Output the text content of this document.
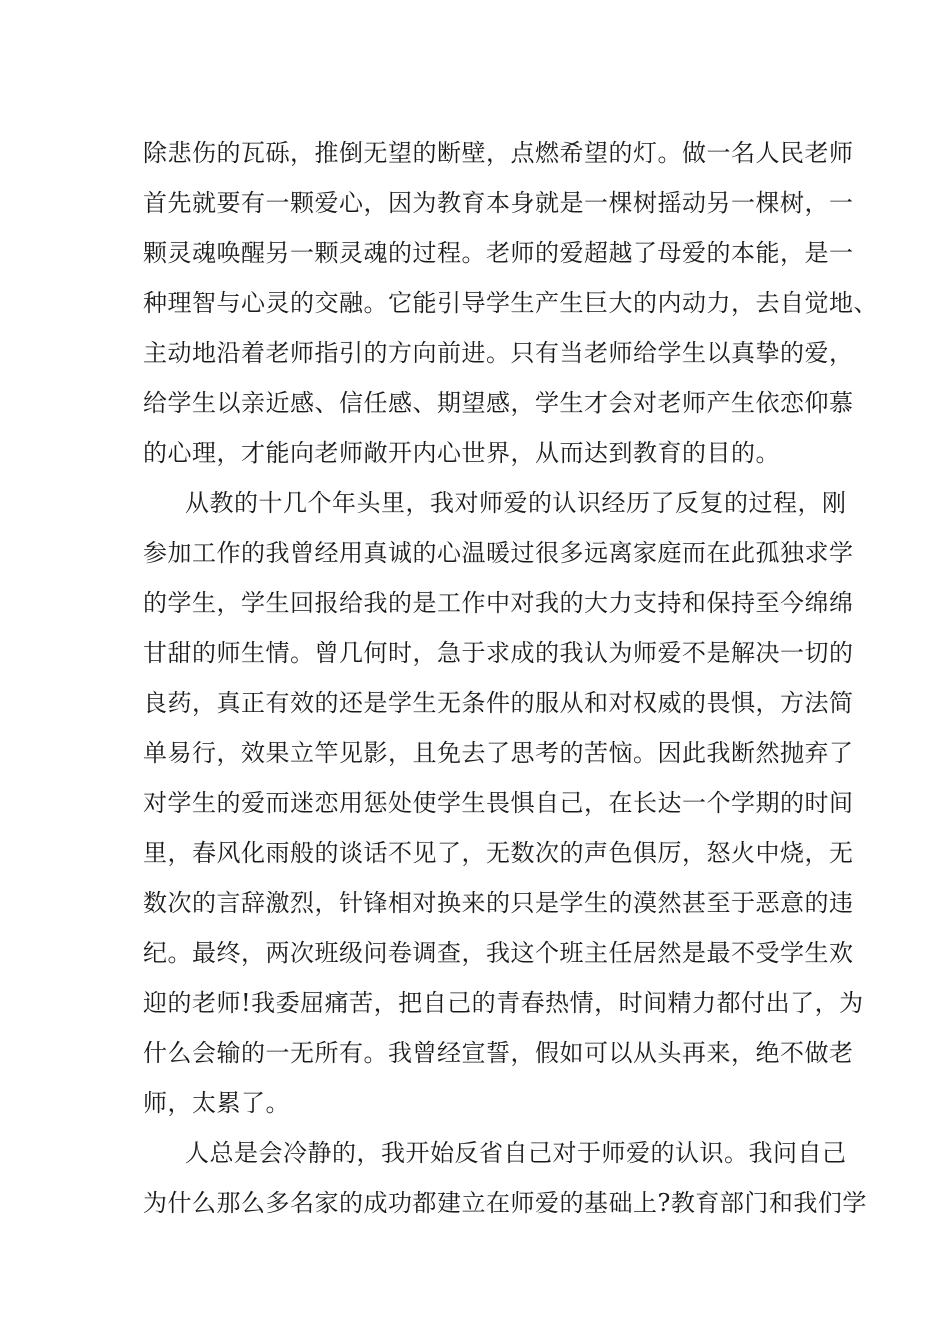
除悲伤的瓦砾，推倒无望的断壁，点燃希望的灯。做一名人民老师
首先就要有一颗爱心，因为教育本身就是一棵树摇动另一棵树，一
颗灵魂唤醒另一颗灵魂的过程。老师的爱超越了母爱的本能，是一
种理智与心灵的交融。它能引导学生产生巨大的内动力，去自觉地、
主动地沿着老师指引的方向前进。只有当老师给学生以真挚的爱，
给学生以亲近感、信任感、期望感，学生才会对老师产生依恋仰慕
的心理，才能向老师敞开内心世界，从而达到教育的目的。
从教的十几个年头里，我对师爱的认识经历了反复的过程，刚
参加工作的我曾经用真诚的心温暖过很多远离家庭而在此孤独求学
的学生，学生回报给我的是工作中对我的大力支持和保持至今绵绵
甘甜的师生情。曾几何时，急于求成的我认为师爱不是解决一切的
良药，真正有效的还是学生无条件的服从和对权威的畏惧，方法简
单易行，效果立竿见影，且免去了思考的苦恼。因此我断然抛弃了
对学生的爱而迷恋用惩处使学生畏惧自己，在长达一个学期的时间
里，春风化雨般的谈话不见了，无数次的声色俱厉，怒火中烧，无
数次的言辞激烈，针锋相对换来的只是学生的漠然甚至于恶意的违
纪。最终，两次班级问卷调查，我这个班主任居然是最不受学生欢
迎的老师!我委屈痛苦，把自己的青春热情，时间精力都付出了，为
什么会输的一无所有。我曾经宣誓，假如可以从头再来，绝不做老
师，太累了。
人总是会冷静的，我开始反省自己对于师爱的认识。我问自己
为什么那么多名家的成功都建立在师爱的基础上?教育部门和我们学
